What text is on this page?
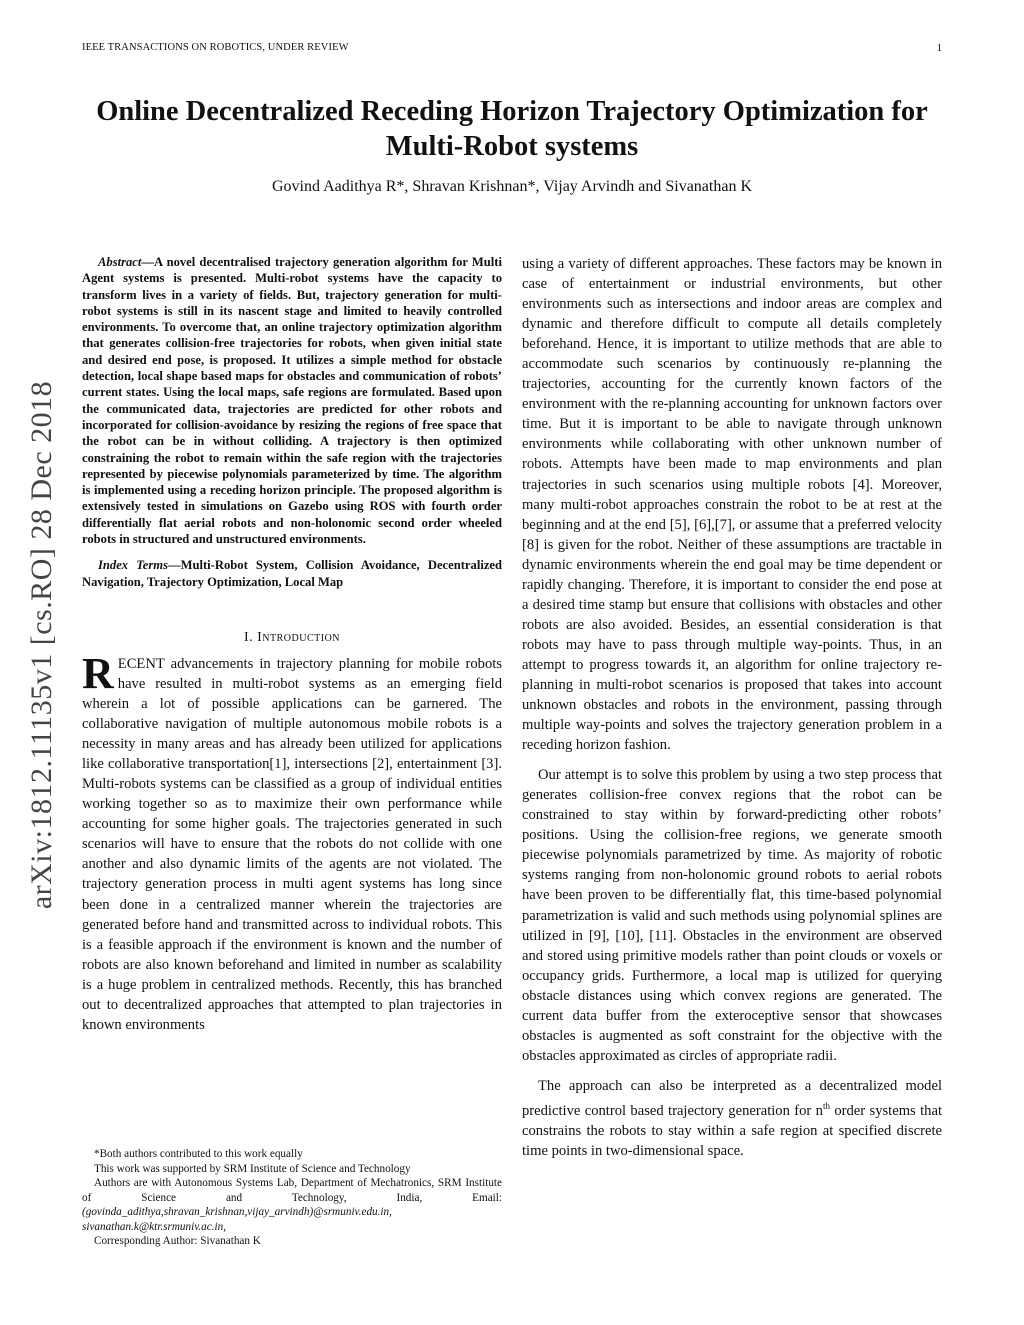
IEEE TRANSACTIONS ON ROBOTICS, UNDER REVIEW	1
arXiv:1812.11135v1 [cs.RO] 28 Dec 2018
Online Decentralized Receding Horizon Trajectory Optimization for
Multi-Robot systems
Govind Aadithya R*, Shravan Krishnan*, Vijay Arvindh and Sivanathan K

Abstract—A novel decentralised trajectory generation algorithm for Multi Agent systems is presented. Multi-robot systems have the capacity to transform lives in a variety of fields. But, trajectory generation for multi-robot systems is still in its nascent stage and limited to heavily controlled environments. To overcome that, an online trajectory optimization algorithm that generates collision-free trajectories for robots, when given initial state and desired end pose, is proposed. It utilizes a simple method for obstacle detection, local shape based maps for obstacles and communication of robots’ current states. Using the local maps, safe regions are formulated. Based upon the communicated data, trajectories are predicted for other robots and incorporated for collision-avoidance by resizing the regions of free space that the robot can be in without colliding. A trajectory is then optimized constraining the robot to remain within the safe region with the trajectories represented by piecewise polynomials parameterized by time. The algorithm is implemented using a receding horizon principle. The proposed algorithm is extensively tested in simulations on Gazebo using ROS with fourth order differentially flat aerial robots and non-holonomic second order wheeled robots in structured and unstructured environments.

Index Terms—Multi-Robot System, Collision Avoidance, Decentralized Navigation, Trajectory Optimization, Local Map

I. Introduction

RECENT advancements in trajectory planning for mobile robots have resulted in multi-robot systems as an emerging field wherein a lot of possible applications can be garnered. The collaborative navigation of multiple autonomous mobile robots is a necessity in many areas and has already been utilized for applications like collaborative transportation[1], intersections [2], entertainment [3]. Multi-robots systems can be classified as a group of individual entities working together so as to maximize their own performance while accounting for some higher goals. The trajectories generated in such scenarios will have to ensure that the robots do not collide with one another and also dynamic limits of the agents are not violated. The trajectory generation process in multi agent systems has long since been done in a centralized manner wherein the trajectories are generated before hand and transmitted across to individual robots. This is a feasible approach if the environment is known and the number of robots are also known beforehand and limited in number as scalability is a huge problem in centralized methods. Recently, this has branched out to decentralized approaches that attempted to plan trajectories in known environments

using a variety of different approaches. These factors may be known in case of entertainment or industrial environments, but other environments such as intersections and indoor areas are complex and dynamic and therefore difficult to compute all details completely beforehand. Hence, it is important to utilize methods that are able to accommodate such scenarios by continuously re-planning the trajectories, accounting for the currently known factors of the environment with the re-planning accounting for unknown factors over time. But it is important to be able to navigate through unknown environments while collaborating with other unknown number of robots. Attempts have been made to map environments and plan trajectories in such scenarios using multiple robots [4]. Moreover, many multi-robot approaches constrain the robot to be at rest at the beginning and at the end [5], [6],[7], or assume that a preferred velocity [8] is given for the robot. Neither of these assumptions are tractable in dynamic environments wherein the end goal may be time dependent or rapidly changing. Therefore, it is important to consider the end pose at a desired time stamp but ensure that collisions with obstacles and other robots are also avoided. Besides, an essential consideration is that robots may have to pass through multiple way-points. Thus, in an attempt to progress towards it, an algorithm for online trajectory re-planning in multi-robot scenarios is proposed that takes into account unknown obstacles and robots in the environment, passing through multiple way-points and solves the trajectory generation problem in a receding horizon fashion.

Our attempt is to solve this problem by using a two step process that generates collision-free convex regions that the robot can be constrained to stay within by forward-predicting other robots’ positions. Using the collision-free regions, we generate smooth piecewise polynomials parametrized by time. As majority of robotic systems ranging from non-holonomic ground robots to aerial robots have been proven to be differentially flat, this time-based polynomial parametrization is valid and such methods using polynomial splines are utilized in [9], [10], [11]. Obstacles in the environment are observed and stored using primitive models rather than point clouds or voxels or occupancy grids. Furthermore, a local map is utilized for querying obstacle distances using which convex regions are generated. The current data buffer from the exteroceptive sensor that showcases obstacles is augmented as soft constraint for the objective with the obstacles approximated as circles of appropriate radii.

The approach can also be interpreted as a decentralized model predictive control based trajectory generation for $n^{th}$ order systems that constrains the robots to stay within a safe region at specified discrete time points in two-dimensional space.

*Both authors contributed to this work equally

This work was supported by SRM Institute of Science and Technology

Authors are with Autonomous Systems Lab, Department of Mechatronics, SRM Institute of Science and Technology, India, Email:(govinda_adithya,shravan_krishnan,vijay_arvindh)@srmuniv.edu.in, sivanathan.k@ktr.srmuniv.ac.in,

Corresponding Author: Sivanathan K
